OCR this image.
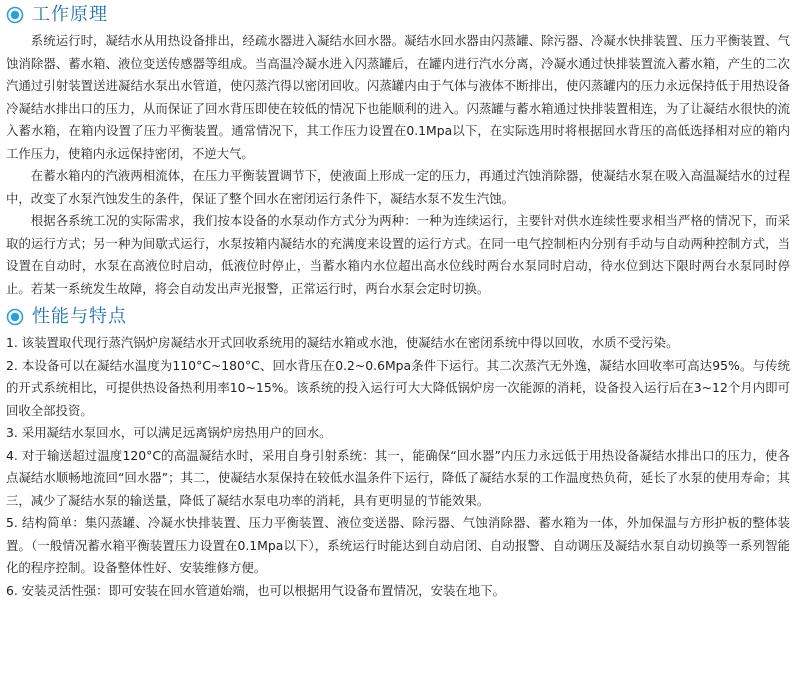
工作原理

系统运行时，凝结水从用热设备排出，经疏水器进入凝结水回水器。凝结水回水器由闪蒸罐、除污器、冷凝水快排装置、压力平衡装置、气蚀消除器、蓄水箱、液位变送传感器等组成。当高温冷凝水进入闪蒸罐后，在罐内进行汽水分离，冷凝水通过快排装置流入蓄水箱，产生的二次汽通过引射装置送进凝结水泵出水管道，使闪蒸汽得以密闭回收。闪蒸罐内由于气体与液体不断排出，使闪蒸罐内的压力永远保持低于用热设备冷凝结水排出口的压力，从而保证了回水背压即使在较低的情况下也能顺利的进入。闪蒸罐与蓄水箱通过快排装置相连，为了让凝结水很快的流入蓄水箱，在箱内设置了压力平衡装置。通常情况下，其工作压力设置在0.1Mpa以下，在实际选用时将根据回水背压的高低选择相对应的箱内工作压力，使箱内永远保持密闭，不逆大气。

在蓄水箱内的汽液两相流体，在压力平衡装置调节下，使液面上形成一定的压力，再通过汽蚀消除器，使凝结水泵在吸入高温凝结水的过程中，改变了水泵汽蚀发生的条件，保证了整个回水在密闭运行条件下，凝结水泵不发生汽蚀。

根据各系统工况的实际需求，我们按本设备的水泵动作方式分为两种：一种为连续运行，主要针对供水连续性要求相当严格的情况下，而采取的运行方式；另一种为间歇式运行，水泵按箱内凝结水的充满度来设置的运行方式。在同一电气控制柜内分别有手动与自动两种控制方式，当设置在自动时，水泵在高液位时启动，低液位时停止，当蓄水箱内水位超出高水位线时两台水泵同时启动，待水位到达下限时两台水泵同时停止。若某一系统发生故障，将会自动发出声光报警，正常运行时，两台水泵会定时切换。

性能与特点

1. 该装置取代现行蒸汽锅炉房凝结水开式回收系统用的凝结水箱或水池，使凝结水在密闭系统中得以回收，水质不受污染。

2. 本设备可以在凝结水温度为110°C~180°C、回水背压在0.2~0.6Mpa条件下运行。其二次蒸汽无外逸，凝结水回收率可高达95%。与传统的开式系统相比，可提供热设备热利用率10~15%。该系统的投入运行可大大降低锅炉房一次能源的消耗，设备投入运行后在3~12个月内即可回收全部投资。

3. 采用凝结水泵回水，可以满足远离锅炉房热用户的回水。

4. 对于输送超过温度120°C的高温凝结水时，采用自身引射系统：其一，能确保“回水器”内压力永远低于用热设备凝结水排出口的压力，使各点凝结水顺畅地流回“回水器”；其二，使凝结水泵保持在较低水温条件下运行，降低了凝结水泵的工作温度热负荷，延长了水泵的使用寿命；其三，减少了凝结水泵的输送量，降低了凝结水泵电功率的消耗，具有更明显的节能效果。

5. 结构简单：集闪蒸罐、冷凝水快排装置、压力平衡装置、液位变送器、除污器、气蚀消除器、蓄水箱为一体，外加保温与方形护板的整体装置。（一般情况蓄水箱平衡装置压力设置在0.1Mpa以下），系统运行时能达到自动启闭、自动报警、自动调压及凝结水泵自动切换等一系列智能化的程序控制。设备整体性好、安装维修方便。

6. 安装灵活性强：即可安装在回水管道始端，也可以根据用气设备布置情况，安装在地下。
